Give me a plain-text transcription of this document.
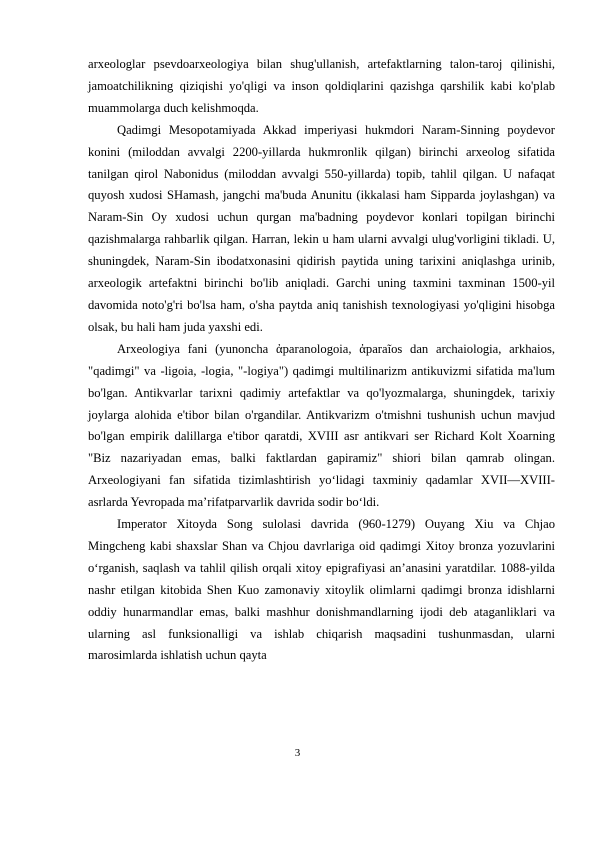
arxeologlar psevdoarxeologiya bilan shug'ullanish, artefaktlarning talon-taroj qilinishi, jamoatchilikning qiziqishi yo'qligi va inson qoldiqlarini qazishga qarshilik kabi ko'plab muammolarga duch kelishmoqda.

Qadimgi Mesopotamiyada Akkad imperiyasi hukmdori Naram-Sinning poydevor konini (miloddan avvalgi 2200-yillarda hukmronlik qilgan) birinchi arxeolog sifatida tanilgan qirol Nabonidus (miloddan avvalgi 550-yillarda) topib, tahlil qilgan. U nafaqat quyosh xudosi SHamash, jangchi ma'buda Anunitu (ikkalasi ham Sipparda joylashgan) va Naram-Sin Oy xudosi uchun qurgan ma'badning poydevor konlari topilgan birinchi qazishmalarga rahbarlik qilgan. Harran, lekin u ham ularni avvalgi ulug'vorligini tikladi. U, shuningdek, Naram-Sin ibodatxonasini qidirish paytida uning tarixini aniqlashga urinib, arxeologik artefaktni birinchi bo'lib aniqladi. Garchi uning taxmini taxminan 1500-yil davomida noto'g'ri bo'lsa ham, o'sha paytda aniq tanishish texnologiyasi yo'qligini hisobga olsak, bu hali ham juda yaxshi edi.

Arxeologiya fani (yunoncha ἀparanologoia, ἀparaĩos dan archaiologia, arkhaios, "qadimgi" va -ligoia, -logia, "-logiya") qadimgi multilinarizm antikuvizmi sifatida ma'lum bo'lgan. Antikvarlar tarixni qadimiy artefaktlar va qo'lyozmalarga, shuningdek, tarixiy joylarga alohida e'tibor bilan o'rgandilar. Antikvarizm o'tmishni tushunish uchun mavjud bo'lgan empirik dalillarga e'tibor qaratdi, XVIII asr antikvari ser Richard Kolt Xoarning "Biz nazariyadan emas, balki faktlardan gapiramiz" shiori bilan qamrab olingan. Arxeologiyani fan sifatida tizimlashtirish yoʻlidagi taxminiy qadamlar XVII—XVIII-asrlarda Yevropada maʼrifatparvarlik davrida sodir boʻldi.

Imperator Xitoyda Song sulolasi davrida (960-1279) Ouyang Xiu va Chjao Mingcheng kabi shaxslar Shan va Chjou davrlariga oid qadimgi Xitoy bronza yozuvlarini oʻrganish, saqlash va tahlil qilish orqali xitoy epigrafiyasi anʼanasini yaratdilar. 1088-yilda nashr etilgan kitobida Shen Kuo zamonaviy xitoylik olimlarni qadimgi bronza idishlarni oddiy hunarmandlar emas, balki mashhur donishmandlarning ijodi deb ataganliklari va ularning asl funksionalligi va ishlab chiqarish maqsadini tushunmasdan, ularni marosimlarda ishlatish uchun qayta

3
